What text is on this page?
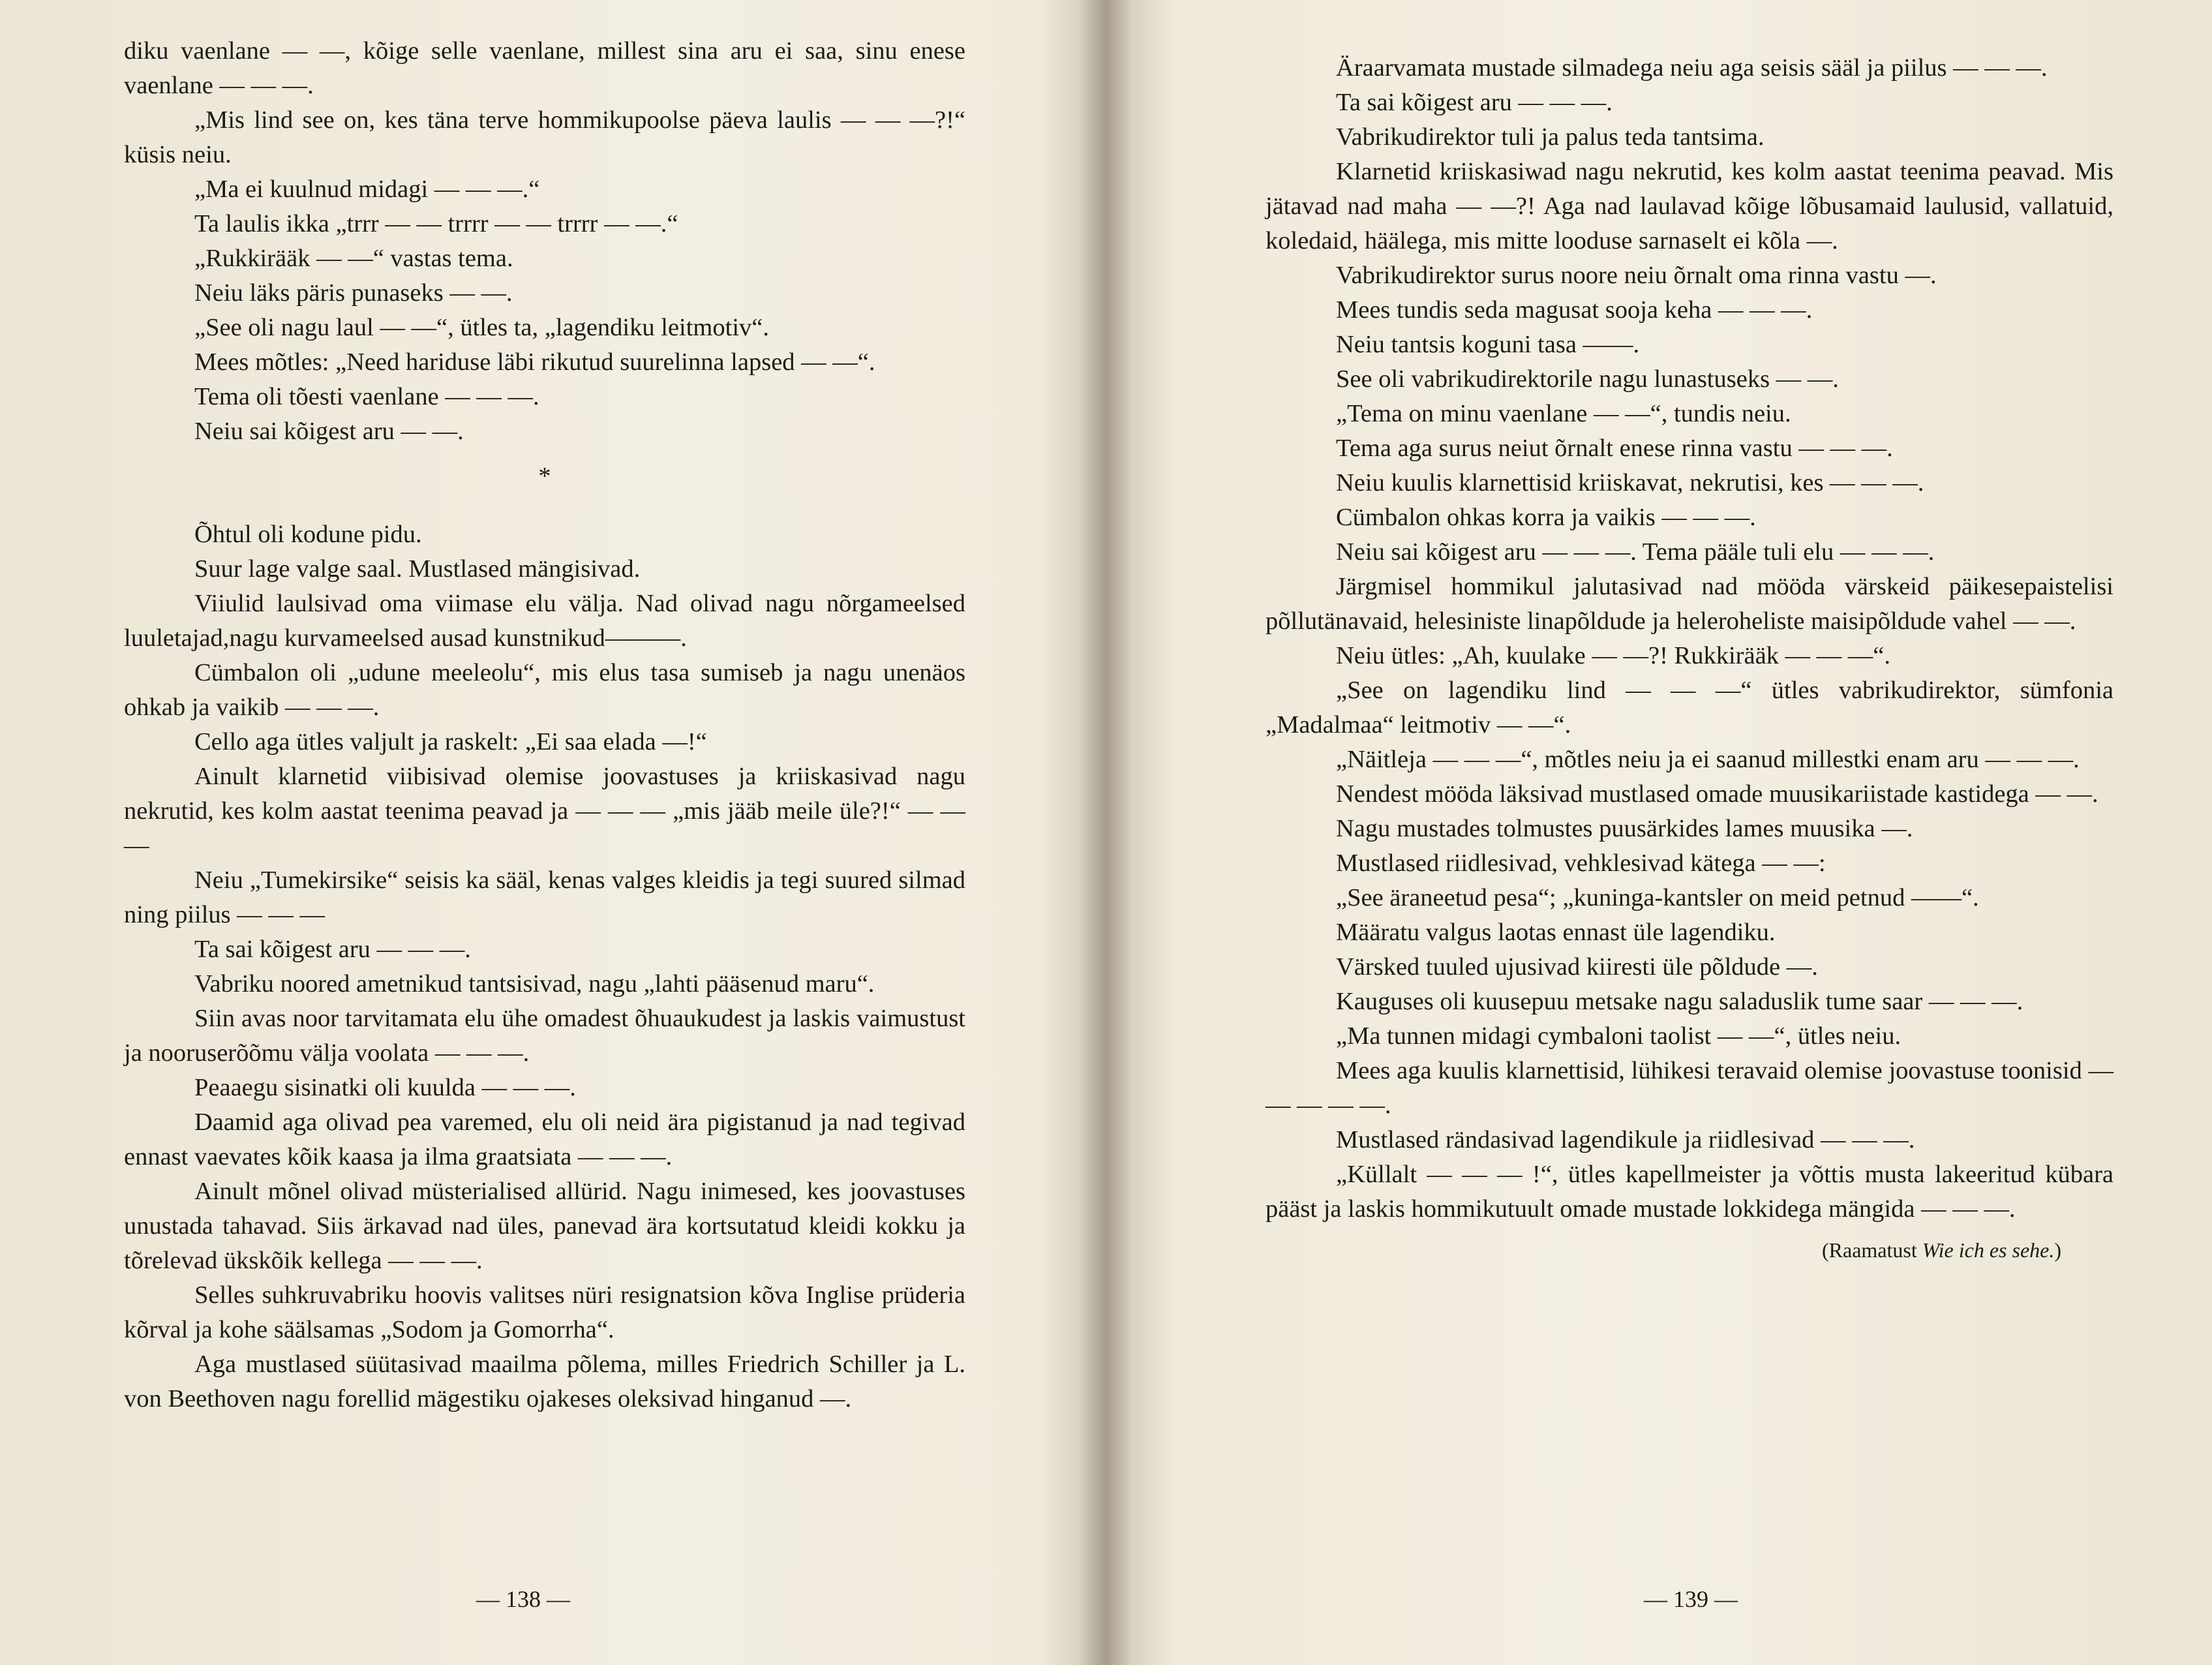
diku vaenlane — —, kõige selle vaenlane, millest sina aru ei saa, sinu enese vaenlane — — —.

„Mis lind see on, kes täna terve hommikupoolse päeva laulis — — —?!“ küsis neiu.

„Ma ei kuulnud midagi — — —.“

Ta laulis ikka „trrr — — trrrr — — trrrr — —.“

„Rukkirääk — —“ vastas tema.

Neiu läks päris punaseks — —.

„See oli nagu laul — —“, ütles ta, „lagendiku leitmotiv“.

Mees mõtles: „Need hariduse läbi rikutud suurelinna lapsed — —“.

Tema oli tõesti vaenlane — — —.

Neiu sai kõigest aru — —.

*

Õhtul oli kodune pidu.

Suur lage valge saal. Mustlased mängisivad.

Viiulid laulsivad oma viimase elu välja. Nad olivad nagu nõrgameelsed luuletajad,nagu kurvameelsed ausad kunstnikud———.

Cümbalon oli „udune meeleolu“, mis elus tasa sumiseb ja nagu unenäos ohkab ja vaikib — — —.

Cello aga ütles valjult ja raskelt: „Ei saa elada —!“

Ainult klarnetid viibisivad olemise joovastuses ja kriiskasivad nagu nekrutid, kes kolm aastat teenima peavad ja — — — „mis jääb meile üle?!“ — — —

Neiu „Tumekirsike“ seisis ka sääl, kenas valges kleidis ja tegi suured silmad ning piilus — — —

Ta sai kõigest aru — — —.

Vabriku noored ametnikud tantsisivad, nagu „lahti pääsenud maru“.

Siin avas noor tarvitamata elu ühe omadest õhuaukudest ja laskis vaimustust ja nooruserõõmu välja voolata — — —.

Peaaegu sisinatki oli kuulda — — —.

Daamid aga olivad pea varemed, elu oli neid ära pigistanud ja nad tegivad ennast vaevates kõik kaasa ja ilma graatsiata — — —.

Ainult mõnel olivad müsterialised allürid. Nagu inimesed, kes joovastuses unustada tahavad. Siis ärkavad nad üles, panevad ära kortsutatud kleidi kokku ja tõrelevad ükskõik kellega — — —.

Selles suhkruvabriku hoovis valitses nüri resignatsion kõva Inglise prüderia kõrval ja kohe säälsamas „Sodom ja Gomorrha“.

Aga mustlased süütasivad maailma põlema, milles Friedrich Schiller ja L. von Beethoven nagu forellid mägestiku ojakeses oleksivad hinganud —.

— 138 —

Äraarvamata mustade silmadega neiu aga seisis sääl ja piilus — — —.

Ta sai kõigest aru — — —.

Vabrikudirektor tuli ja palus teda tantsima.

Klarnetid kriiskasiwad nagu nekrutid, kes kolm aastat teenima peavad. Mis jätavad nad maha — —?! Aga nad laulavad kõige lõbusamaid laulusid, vallatuid, koledaid, häälega, mis mitte looduse sarnaselt ei kõla —.

Vabrikudirektor surus noore neiu õrnalt oma rinna vastu —.

Mees tundis seda magusat sooja keha — — —.

Neiu tantsis koguni tasa ——.

See oli vabrikudirektorile nagu lunastuseks — —.

„Tema on minu vaenlane — —“, tundis neiu.

Tema aga surus neiut õrnalt enese rinna vastu — — —.

Neiu kuulis klarnettisid kriiskavat, nekrutisi, kes — — —.

Cümbalon ohkas korra ja vaikis — — —.

Neiu sai kõigest aru — — —. Tema pääle tuli elu — — —.

Järgmisel hommikul jalutasivad nad mööda värskeid päikesepaistelisi põllutänavaid, helesiniste linapõldude ja heleroheliste maisipõldude vahel — —.

Neiu ütles: „Ah, kuulake — —?! Rukkirääk — — —“.

„See on lagendiku lind — — —“ ütles vabrikudirektor, sümfonia „Madalmaa“ leitmotiv — —“.

„Näitleja — — —“, mõtles neiu ja ei saanud millestki enam aru — — —.

Nendest mööda läksivad mustlased omade muusikariistade kastidega — —.

Nagu mustades tolmustes puusärkides lames muusika —.

Mustlased riidlesivad, vehklesivad kätega — —:

„See äraneetud pesa“; „kuninga-kantsler on meid petnud ——“.

Määratu valgus laotas ennast üle lagendiku.

Värsked tuuled ujusivad kiiresti üle põldude —.

Kauguses oli kuusepuu metsake nagu saladuslik tume saar — — —.

„Ma tunnen midagi cymbaloni taolist — —“, ütles neiu.

Mees aga kuulis klarnettisid, lühikesi teravaid olemise joovastuse toonisid — — — — —.

Mustlased rändasivad lagendikule ja riidlesivad — — —.

„Küllalt — — — !“, ütles kapellmeister ja võttis musta lakeeritud kübara pääst ja laskis hommikutuult omade mustade lokkidega mängida — — —.

(Raamatust Wie ich es sehe.)
— 139 —
